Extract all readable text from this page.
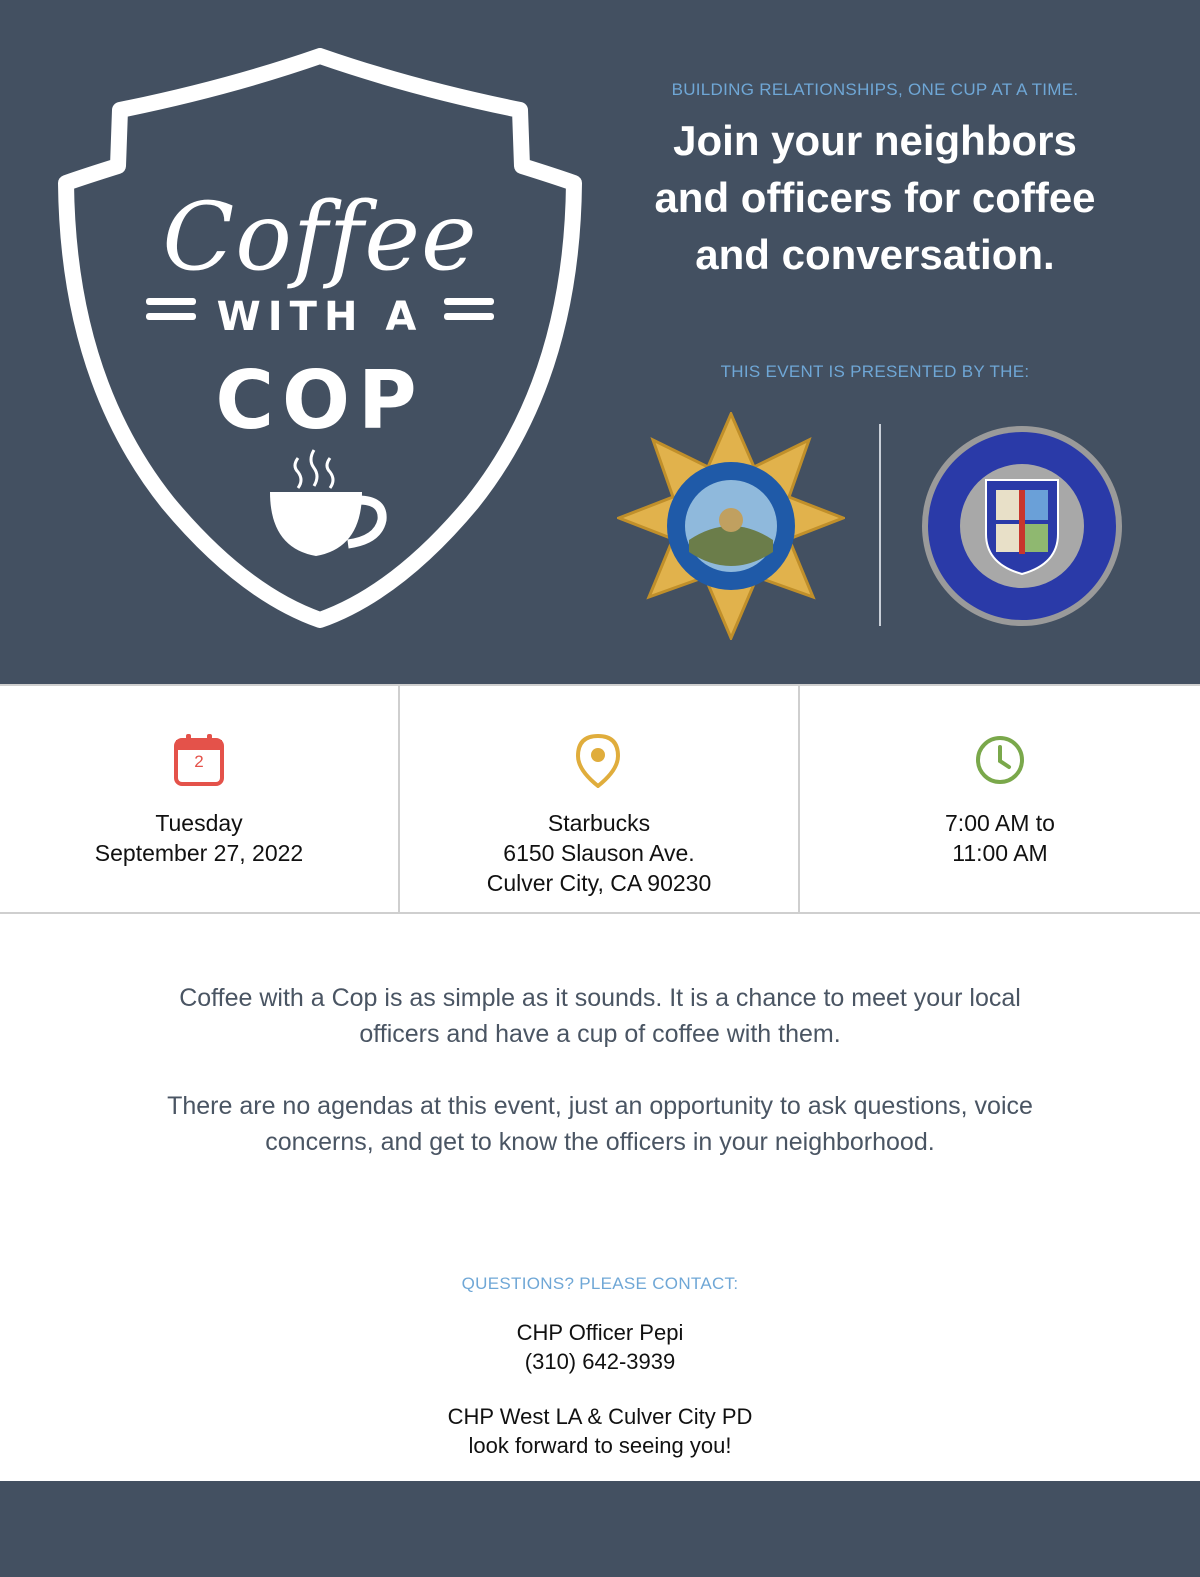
Coffee
WITH A
COP
BUILDING RELATIONSHIPS, ONE CUP AT A TIME.
Join your neighbors
and officers for coffee
and conversation.
THIS EVENT IS PRESENTED BY THE:
2
Tuesday
September 27, 2022
Starbucks
6150 Slauson Ave.
Culver City, CA 90230
7:00 AM to
11:00 AM

Coffee with a Cop is as simple as it sounds. It is a chance to meet your local officers and have a cup of coffee with them.

There are no agendas at this event, just an opportunity to ask questions, voice concerns, and get to know the officers in your neighborhood.

QUESTIONS? PLEASE CONTACT:
CHP Officer Pepi
(310) 642-3939
CHP West LA & Culver City PD
look forward to seeing you!
